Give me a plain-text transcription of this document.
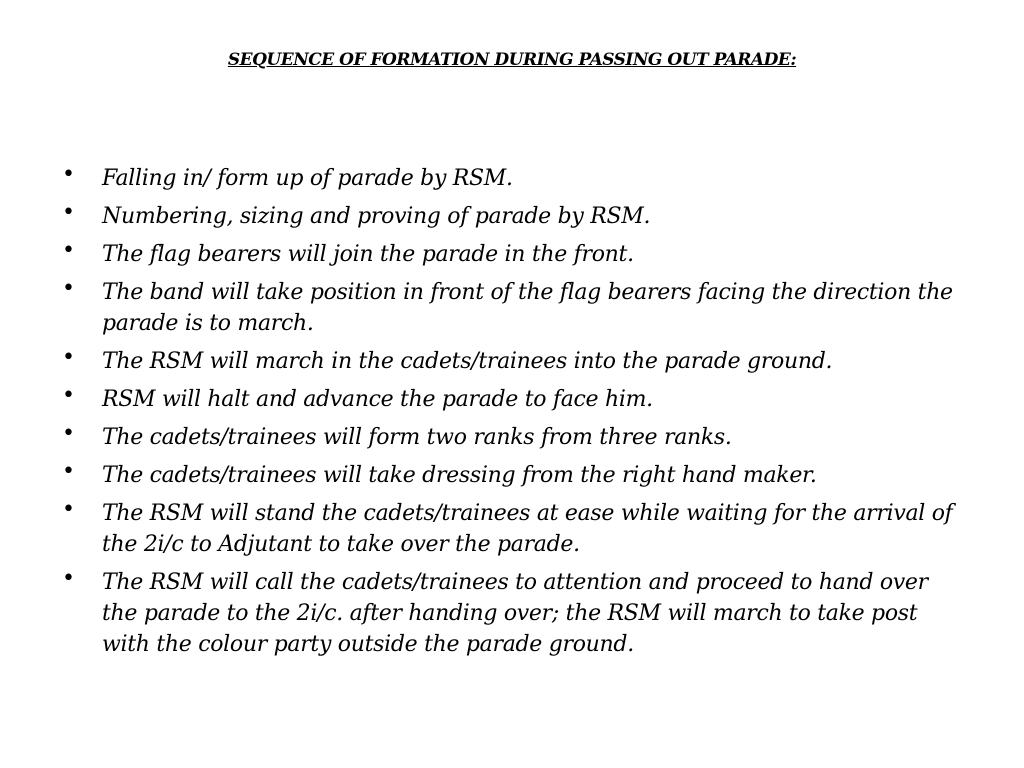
SEQUENCE OF FORMATION DURING PASSING OUT PARADE:
• Falling in/ form up of parade by RSM.
• Numbering, sizing and proving of parade by RSM.
• The flag bearers will join the parade in the front.
• The band will take position in front of the flag bearers facing the direction the parade is to march.
• The RSM will march in the cadets/trainees into the parade ground.
• RSM will halt and advance the parade to face him.
• The cadets/trainees will form two ranks from three ranks.
• The cadets/trainees will take dressing from the right hand maker.
• The RSM will stand the cadets/trainees at ease while waiting for the arrival of the 2i/c to Adjutant to take over the parade.
• The RSM will call the cadets/trainees to attention and proceed to hand over the parade to the 2i/c. after handing over; the RSM will march to take post with the colour party outside the parade ground.
